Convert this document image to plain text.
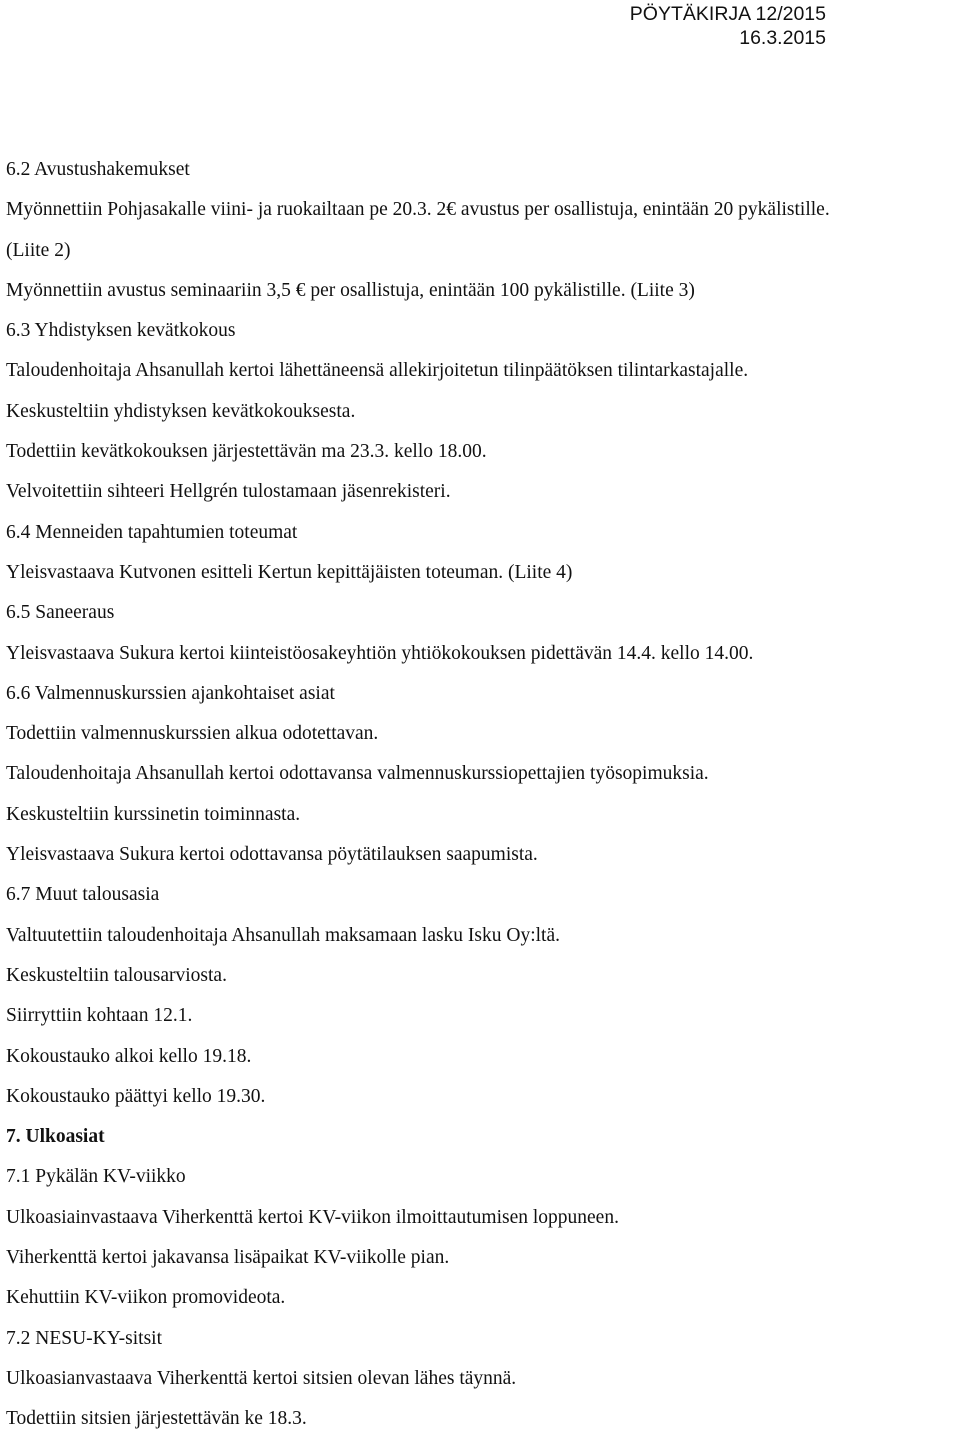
PÖYTÄKIRJA 12/2015
16.3.2015
6.2 Avustushakemukset
Myönnettiin Pohjasakalle viini- ja ruokailtaan pe 20.3. 2€ avustus per osallistuja, enintään 20 pykälistille.
(Liite 2)
Myönnettiin avustus seminaariin 3,5 € per osallistuja, enintään 100 pykälistille. (Liite 3)
6.3 Yhdistyksen kevätkokous
Taloudenhoitaja Ahsanullah kertoi lähettäneensä allekirjoitetun tilinpäätöksen tilintarkastajalle.
Keskusteltiin yhdistyksen kevätkokouksesta.
Todettiin kevätkokouksen järjestettävän ma 23.3. kello 18.00.
Velvoitettiin sihteeri Hellgrén tulostamaan jäsenrekisteri.
6.4 Menneiden tapahtumien toteumat
Yleisvastaava Kutvonen esitteli Kertun kepittäjäisten toteuman. (Liite 4)
6.5 Saneeraus
Yleisvastaava Sukura kertoi kiinteistöosakeyhtiön yhtiökokouksen pidettävän 14.4. kello 14.00.
6.6 Valmennuskurssien ajankohtaiset asiat
Todettiin valmennuskurssien alkua odotettavan.
Taloudenhoitaja Ahsanullah kertoi odottavansa valmennuskurssiopettajien työsopimuksia.
Keskusteltiin kurssinetin toiminnasta.
Yleisvastaava Sukura kertoi odottavansa pöytätilauksen saapumista.
6.7 Muut talousasia
Valtuutettiin taloudenhoitaja Ahsanullah maksamaan lasku Isku Oy:ltä.
Keskusteltiin talousarviosta.
Siirryttiin kohtaan 12.1.
Kokoustauko alkoi kello 19.18.
Kokoustauko päättyi kello 19.30.
7. Ulkoasiat
7.1 Pykälän KV-viikko
Ulkoasiainvastaava Viherkenttä kertoi KV-viikon ilmoittautumisen loppuneen.
Viherkenttä kertoi jakavansa lisäpaikat KV-viikolle pian.
Kehuttiin KV-viikon promovideota.
7.2 NESU-KY-sitsit
Ulkoasianvastaava Viherkenttä kertoi sitsien olevan lähes täynnä.
Todettiin sitsien järjestettävän ke 18.3.
